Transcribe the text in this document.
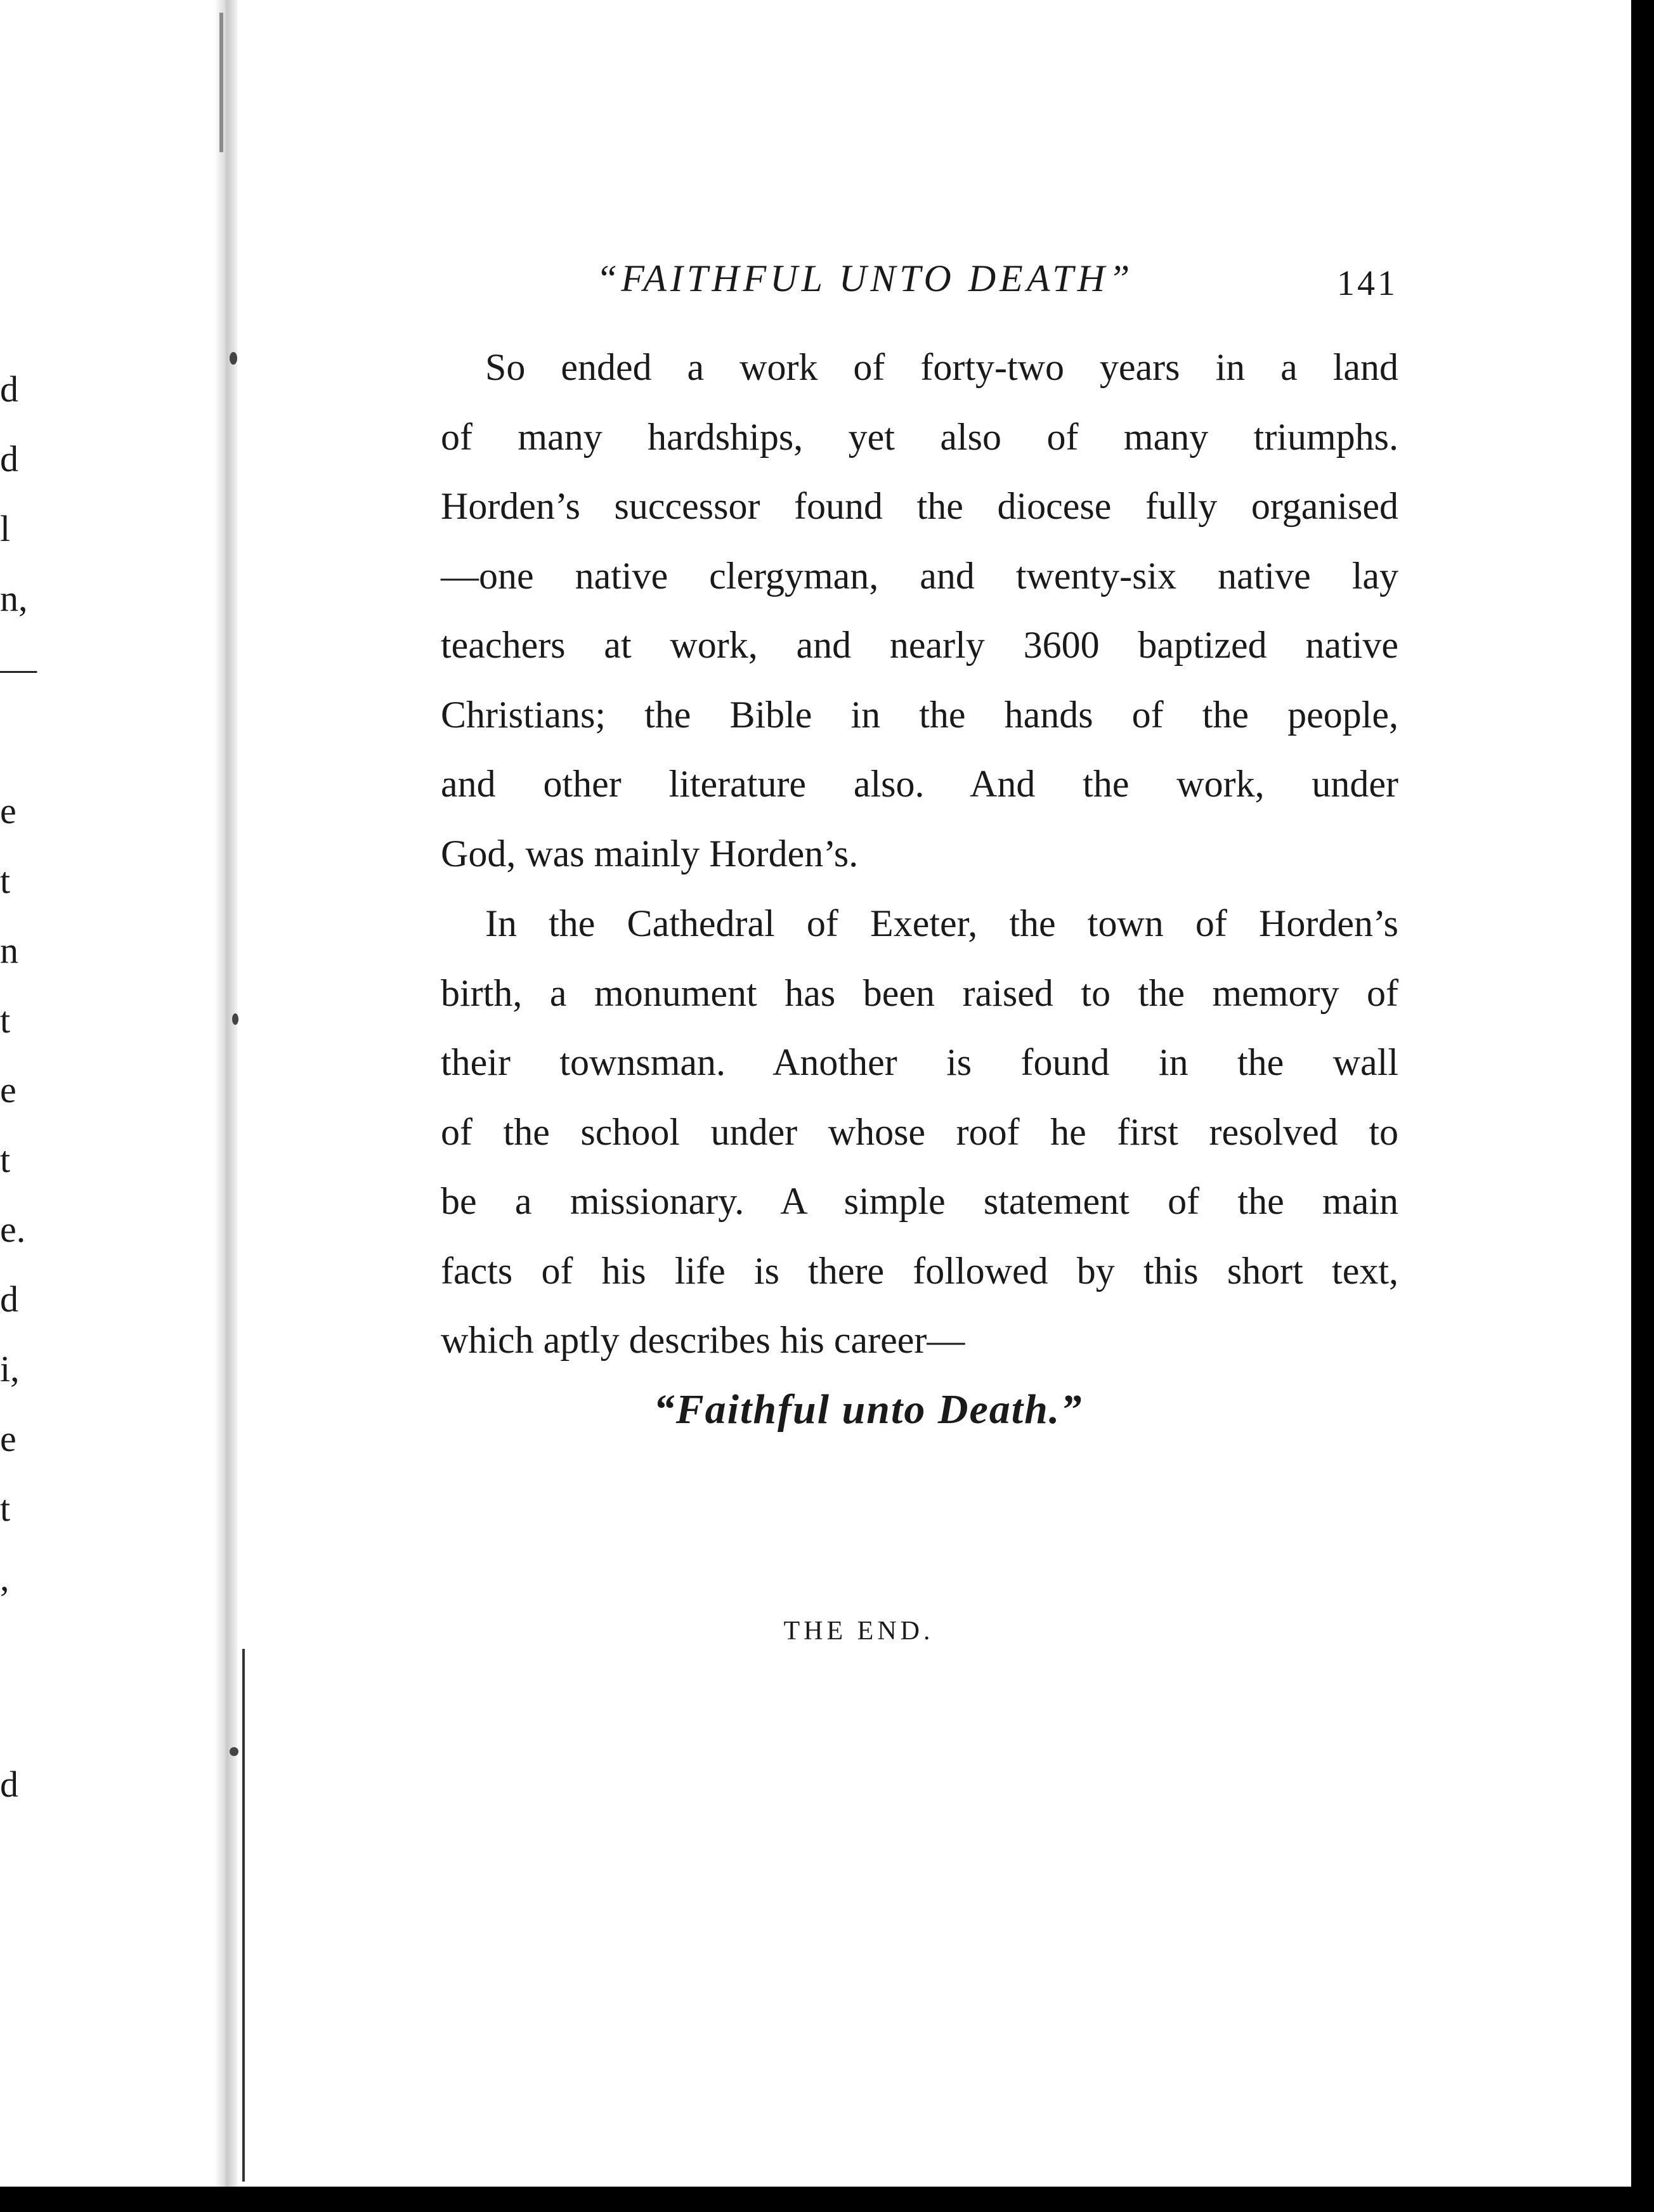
d
d
l
n,
—
e
t
n
t
e
t
e.
d
i,
e
t
,
d
“FAITHFUL UNTO DEATH”	141
So ended a work of forty-two years in a land
of many hardships, yet also of many triumphs.
Horden’s successor found the diocese fully organised
—one native clergyman, and twenty-six native lay
teachers at work, and nearly 3600 baptized native
Christians; the Bible in the hands of the people,
and other literature also. And the work, under
God, was mainly Horden’s.
In the Cathedral of Exeter, the town of Horden’s
birth, a monument has been raised to the memory of
their townsman. Another is found in the wall
of the school under whose roof he first resolved to
be a missionary. A simple statement of the main
facts of his life is there followed by this short text,
which aptly describes his career—
“Faithful unto Death.”
THE END.
